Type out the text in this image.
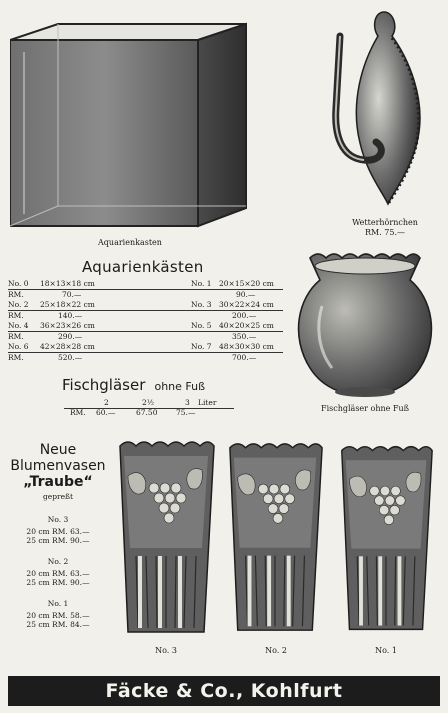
Aquarienkasten
Wetterhörnchen
RM. 75.—
Aquarienkästen
No. 0 18×13×18 cm	No. 1 20×15×20 cm
RM.	70.—	90.—
No. 2 25×18×22 cm	No. 3 30×22×24 cm
RM.	140.—	200.—
No. 4 36×23×26 cm	No. 5 40×20×25 cm
RM.	290.—	350.—
No. 6 42×28×28 cm	No. 7 48×30×30 cm
RM.	520.—	700.—
Fischgläser ohne Fuß
Fischgläser ohne Fuß
2	2½	3 Liter
RM. 60.—	67.50 75.—
Neue
Blumenvasen
„Traube“
gepreßt
No. 3
20 cm RM. 63.—
25 cm RM. 90.—
No. 2
20 cm RM. 63.—
25 cm RM. 90.—
No. 1
20 cm RM. 58.—
25 cm RM. 84.—
No. 3	No. 2	No. 1
Fäcke & Co., Kohlfurt
